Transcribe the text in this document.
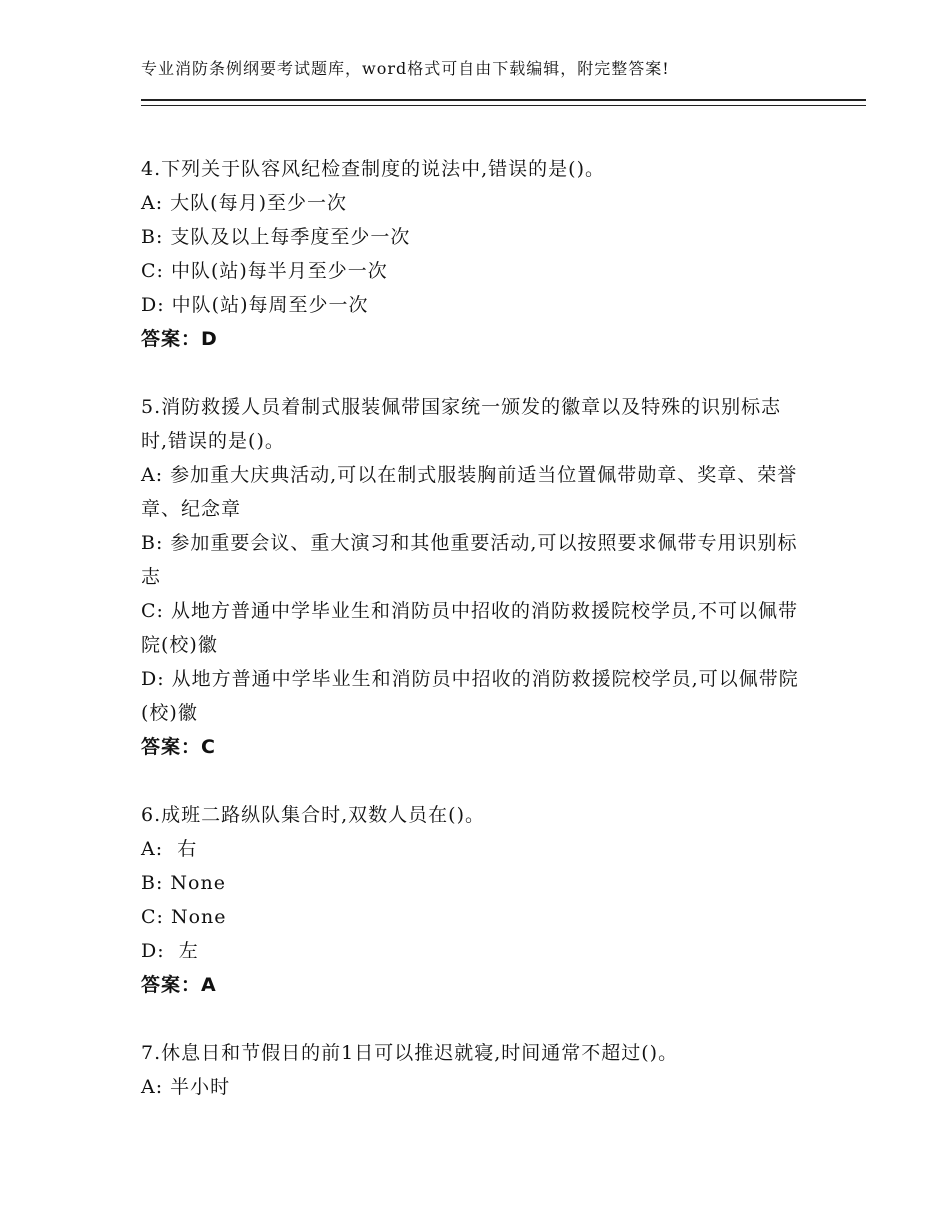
专业消防条例纲要考试题库，word格式可自由下载编辑，附完整答案!

4.下列关于队容风纪检查制度的说法中,错误的是()。

A: 大队(每月)至少一次

B: 支队及以上每季度至少一次

C: 中队(站)每半月至少一次

D: 中队(站)每周至少一次

答案：D

5.消防救援人员着制式服装佩带国家统一颁发的徽章以及特殊的识别标志时,错误的是()。

A: 参加重大庆典活动,可以在制式服装胸前适当位置佩带勋章、奖章、荣誉章、纪念章

B: 参加重要会议、重大演习和其他重要活动,可以按照要求佩带专用识别标志

C: 从地方普通中学毕业生和消防员中招收的消防救援院校学员,不可以佩带院(校)徽

D: 从地方普通中学毕业生和消防员中招收的消防救援院校学员,可以佩带院(校)徽

答案：C

6.成班二路纵队集合时,双数人员在()。

A:  右

B: None

C: None

D:  左

答案：A

7.休息日和节假日的前1日可以推迟就寝,时间通常不超过()。

A: 半小时
